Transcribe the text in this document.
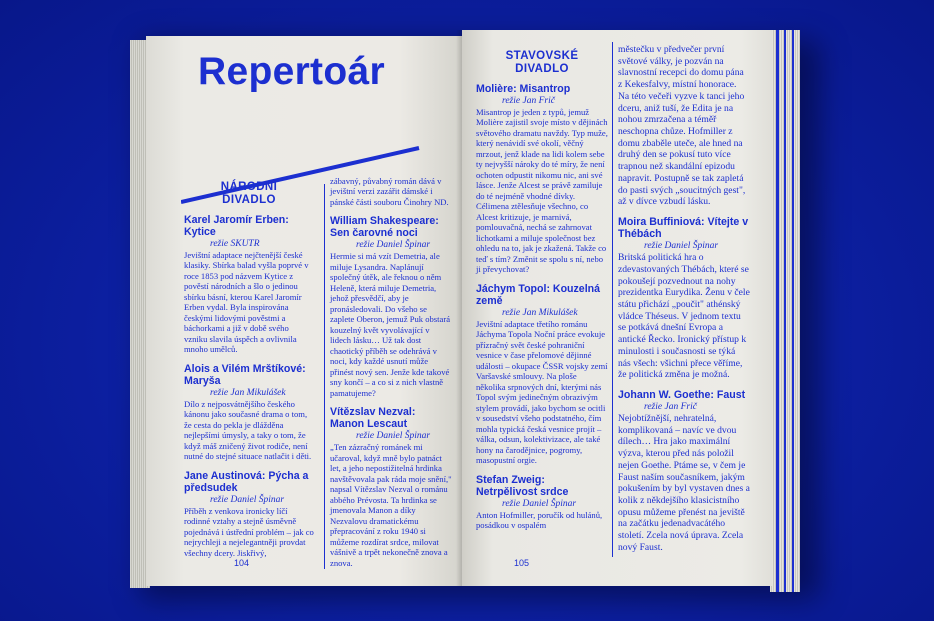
Repertoár
NÁRODNÍ DIVADLO
Karel Jaromír Erben: Kytice
režie SKUTR
Jevištní adaptace nejčtenější české klasiky. Sbírka balad vyšla poprvé v roce 1853 pod názvem Kytice z pověstí národních a šlo o jedinou sbírku básní, kterou Karel Jaromír Erben vydal. Byla inspirována českými lidovými pověstmi a báchorkami a již v době svého vzniku slavila úspěch a ovlivnila mnoho umělců.
Alois a Vilém Mrštíkové: Maryša
režie Jan Mikulášek
Dílo z nejposvátnějšího českého kánonu jako současné drama o tom, že cesta do pekla je dlážděna nejlepšími úmysly, a taky o tom, že když máš zničený život rodiče, není nutné do stejné situace natlačit i děti.
Jane Austinová: Pýcha a předsudek
režie Daniel Špinar
Příběh z venkova ironicky líčí rodinné vztahy a stejně úsměvně pojednává i ústřední problém – jak co nejrychleji a nejelegantněji provdat všechny dcery. Jiskřivý,
zábavný, půvabný román dává v jevištní verzi zazářit dámské i pánské části souboru Činohry ND.
William Shakespeare: Sen čarovné noci
režie Daniel Špinar
Hermie si má vzít Demetria, ale miluje Lysandra. Naplánují společný útěk, ale řeknou o něm Heleně, která miluje Demetria, jehož přesvědčí, aby je pronásledovali. Do všeho se zaplete Oberon, jemuž Puk obstará kouzelný květ vyvolávající v lidech lásku… Už tak dost chaotický příběh se odehrává v noci, kdy každé usnutí může přinést nový sen. Jenže kde takové sny končí – a co si z nich vlastně pamatujeme?
Vítězslav Nezval: Manon Lescaut
režie Daniel Špinar
„Ten zázračný románek mi učaroval, když mně bylo patnáct let, a jeho nepostižitelná hrdinka navštěvovala pak ráda moje snění," napsal Vítězslav Nezval o románu abbého Prévosta. Ta hrdinka se jmenovala Manon a díky Nezvalovu dramatickému přepracování z roku 1940 si můžeme rozdírat srdce, milovat vášnivě a trpět nekonečně znova a znova.
104
STAVOVSKÉ DIVADLO
Molière: Misantrop
režie Jan Frič
Misantrop je jeden z typů, jemuž Molière zajistil svoje místo v dějinách světového dramatu navždy. Typ muže, který nenávidí své okolí, věčný mrzout, jenž klade na lidi kolem sebe ty nejvyšší nároky do té míry, že není ochoten odpustit nikomu nic, ani své lásce. Jenže Alcest se právě zamiluje do té nejméně vhodné dívky. Célimena ztělesňuje všechno, co Alcest kritizuje, je marnivá, pomlouvačná, nechá se zahrnovat lichotkami a miluje společnost bez ohledu na to, jak je zkažená. Takže co teď s tím? Změnit se spolu s ní, nebo ji převychovat?
Jáchym Topol: Kouzelná země
režie Jan Mikulášek
Jevištní adaptace třetího románu Jáchyma Topola Noční práce evokuje přízračný svět české pohraniční vesnice v čase přelomové dějinné události – okupace ČSSR vojsky zemí Varšavské smlouvy. Na ploše několika srpnových dní, kterými nás Topol svým jedinečným obrazivým stylem provádí, jako bychom se ocitli v sousedství všeho podstatného, čím mohla typická česká vesnice projít – válka, odsun, kolektivizace, ale také hony na čarodějnice, pogromy, masopustní orgie.
Stefan Zweig: Netrpělivost srdce
režie Daniel Špinar
Anton Hofmiller, poručík od hulánů, posádkou v ospalém
městečku v předvečer první světové války, je pozván na slavnostní recepci do domu pána z Kekesfalvy, místní honorace. Na této večeři vyzve k tanci jeho dceru, aniž tuší, že Edita je na nohou zmrzačena a téměř neschopna chůze. Hofmiller z domu zbaběle uteče, ale hned na druhý den se pokusí tuto více trapnou než skandální epizodu napravit. Postupně se tak zapletá do pasti svých „soucitných gest", až v dívce vzbudí lásku.
Moira Buffiniová: Vítejte v Thébách
režie Daniel Špinar
Britská politická hra o zdevastovaných Thébách, které se pokoušejí pozvednout na nohy prezidentka Eurydika. Ženu v čele státu přichází „poučit" athénský vládce Théseus. V jednom textu se potkává dnešní Evropa a antické Řecko. Ironický přístup k minulosti i současnosti se týká nás všech: všichni přece věříme, že politická změna je možná.
Johann W. Goethe: Faust
režie Jan Frič
Nejobtížnější, nehratelná, komplikovaná – navíc ve dvou dílech… Hra jako maximální výzva, kterou před nás položil nejen Goethe. Ptáme se, v čem je Faust naším současníkem, jakým pokušením by byl vystaven dnes a kolik z někdejšího klasicistního opusu můžeme přenést na jeviště na začátku jedenadvacátého století. Zcela nová úprava. Zcela nový Faust.
105
